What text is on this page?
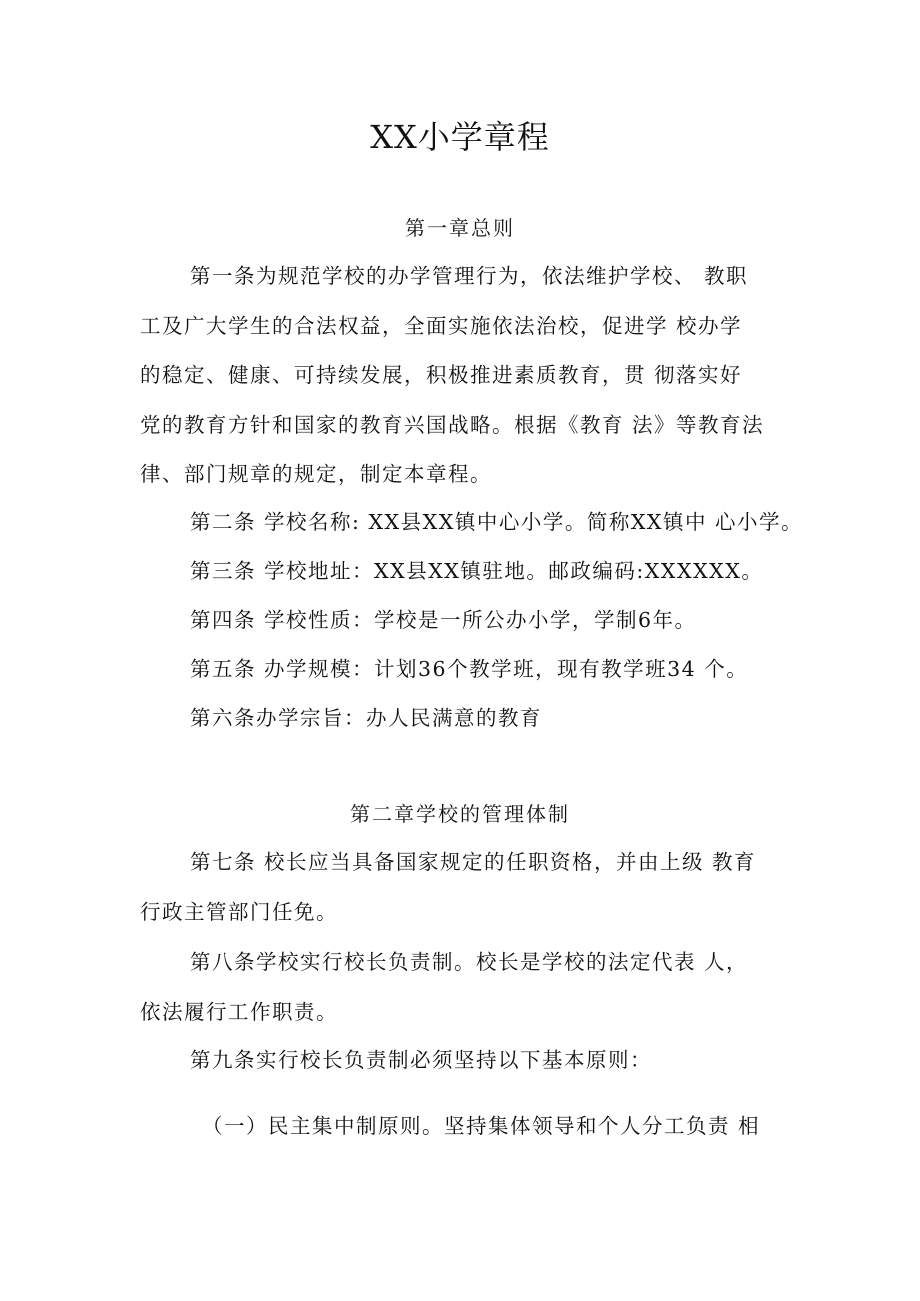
XX小学章程
第一章总则
第一条为规范学校的办学管理行为，依法维护学校、 教职
工及广大学生的合法权益，全面实施依法治校，促进学 校办学
的稳定、健康、可持续发展，积极推进素质教育，贯 彻落实好
党的教育方针和国家的教育兴国战略。根据《教育 法》等教育法
律、部门规章的规定，制定本章程。
第二条 学校名称: XX县XX镇中心小学。简称XX镇中 心小学。
第三条 学校地址：XX县XX镇驻地。邮政编码:XXXXXX。
第四条 学校性质：学校是一所公办小学，学制6年。
第五条 办学规模：计划36个教学班，现有教学班34 个。
第六条办学宗旨：办人民满意的教育
第二章学校的管理体制
第七条 校长应当具备国家规定的任职资格，并由上级 教育
行政主管部门任免。
第八条学校实行校长负责制。校长是学校的法定代表 人，
依法履行工作职责。
第九条实行校长负责制必须坚持以下基本原则：
（一）民主集中制原则。坚持集体领导和个人分工负责 相
